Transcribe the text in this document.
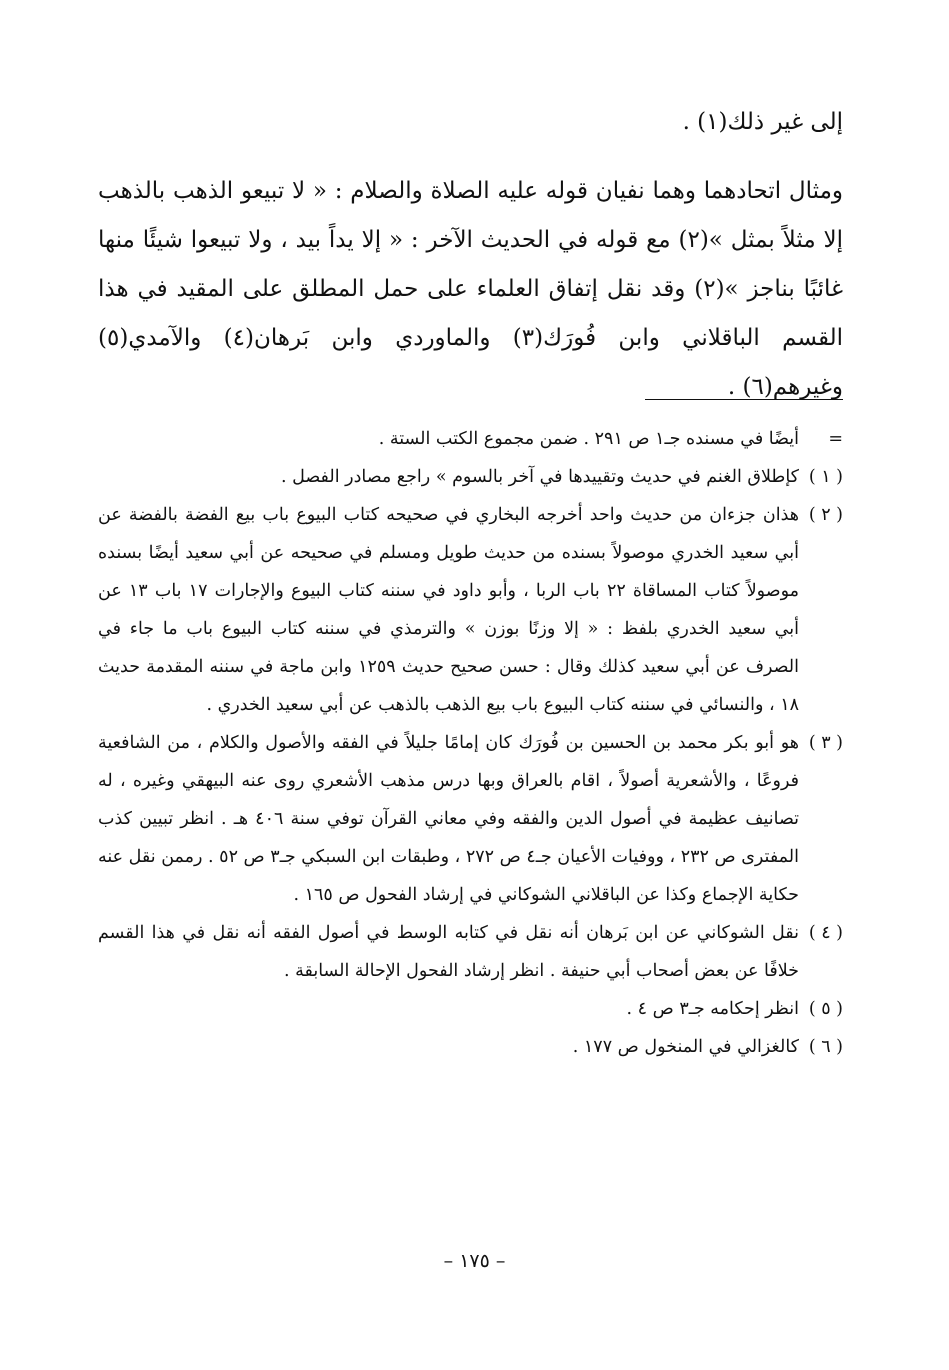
إلى غير ذلك(١) .

ومثال اتحادهما وهما نفيان قوله عليه الصلاة والصلام : « لا تبيعو الذهب بالذهب إلا مثلاً بمثل »(٢) مع قوله في الحديث الآخر : « إلا يداً بيد ، ولا تبيعوا شيئًا منها غائبًا بناجز »(٢) وقد نقل إتفاق العلماء على حمل المطلق على المقيد في هذا القسم الباقلاني وابن فُورَك(٣) والماوردي وابن بَرهان(٤) والآمدي(٥) وغيرهم(٦) .

=
أيضًا في مسنده جـ١ ص ٢٩١ . ضمن مجموع الكتب الستة .
( ١ )
كإطلاق الغنم في حديث وتقييدها في آخر بالسوم » راجع مصادر الفصل .
( ٢ )
هذان جزءان من حديث واحد أخرجه البخاري في صحيحه كتاب البيوع باب بيع الفضة بالفضة عن أبي سعيد الخدري موصولاً بسنده من حديث طويل ومسلم في صحيحه عن أبي سعيد أيضًا بسنده موصولاً كتاب المساقاة ٢٢ باب الربا ، وأبو داود في سننه كتاب البيوع والإجارات ١٧ باب ١٣ عن أبي سعيد الخدري بلفظ : « إلا وزنًا بوزن » والترمذي في سننه كتاب البيوع باب ما جاء في الصرف عن أبي سعيد كذلك وقال : حسن صحيح حديث ١٢٥٩ وابن ماجة في سننه المقدمة حديث ١٨ ، والنسائي في سننه كتاب البيوع باب بيع الذهب بالذهب عن أبي سعيد الخدري .
( ٣ )
هو أبو بكر محمد بن الحسين بن فُورَك كان إمامًا جليلاً في الفقه والأصول والكلام ، من الشافعية فروعًا ، والأشعرية أصولاً ، اقام بالعراق وبها درس مذهب الأشعري روى عنه البيهقي وغيره ، له تصانيف عظيمة في أصول الدين والفقه وفي معاني القرآن توفي سنة ٤٠٦ هـ . انظر تبيين كذب المفترى ص ٢٣٢ ، ووفيات الأعيان جـ٤ ص ٢٧٢ ، وطبقات ابن السبكي جـ٣ ص ٥٢ . رممن نقل عنه حكاية الإجماع وكذا عن الباقلاني الشوكاني في إرشاد الفحول ص ١٦٥ .
( ٤ )
نقل الشوكاني عن ابن بَرهان أنه نقل في كتابه الوسط في أصول الفقه أنه نقل في هذا القسم خلافًا عن بعض أصحاب أبي حنيفة . انظر إرشاد الفحول الإحالة السابقة .
( ٥ )
انظر إحكامه جـ٣ ص ٤ .
( ٦ )
كالغزالي في المنخول ص ١٧٧ .
– ١٧٥ –
